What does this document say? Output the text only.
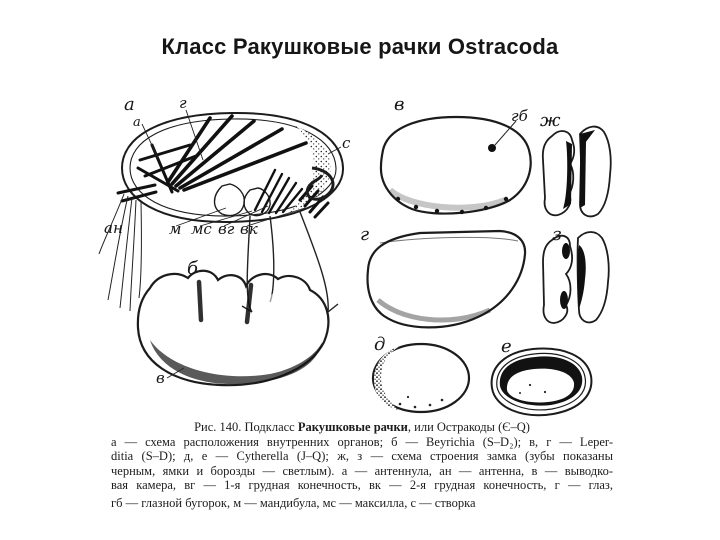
Класс Ракушковые рачки Ostracoda
а	г
а
с
ан	м мс вг вк
б
в
в
гб ж
г	з
д	е
Рис. 140. Подкласс Ракушковые рачки, или Остракоды (Є–Q)
а — схема расположения внутренних органов; б — Beyrichia (S–D₂); в, г — Leper-
ditia (S–D); д, е — Cytherella (J–Q); ж, з — схема строения замка (зубы показаны
черным, ямки и борозды — светлым). а — антеннула, ан — антенна, в — выводко-
вая камера, вг — 1-я грудная конечность, вк — 2-я грудная конечность, г — глаз,
гб — глазной бугорок, м — мандибула, мс — максилла, с — створка
